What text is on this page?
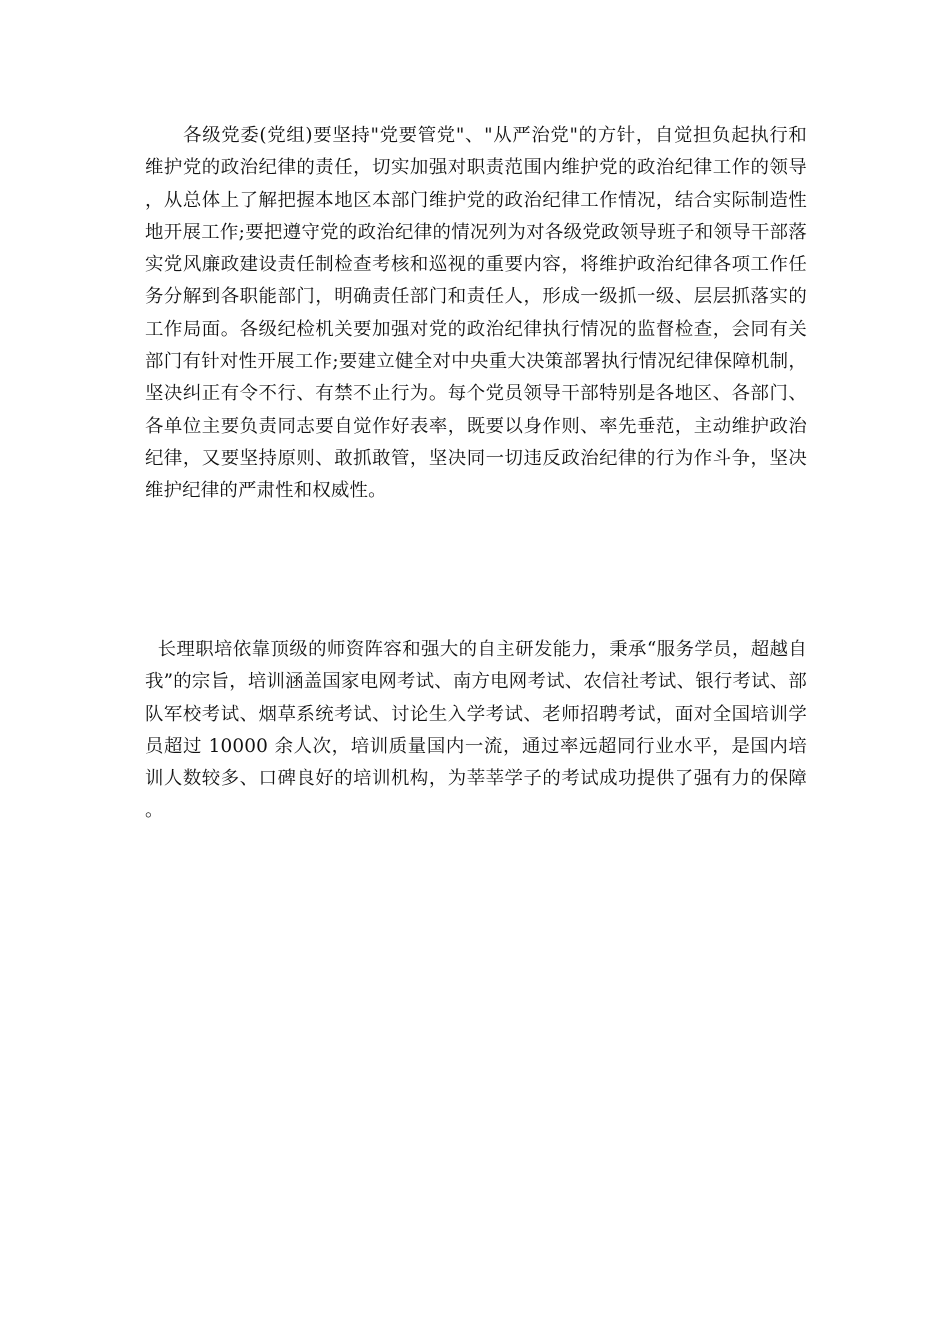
　　各级党委(党组)要坚持"党要管党"、"从严治党"的方针，自觉担负起执行和维护党的政治纪律的责任，切实加强对职责范围内维护党的政治纪律工作的领导，从总体上了解把握本地区本部门维护党的政治纪律工作情况，结合实际制造性地开展工作;要把遵守党的政治纪律的情况列为对各级党政领导班子和领导干部落实党风廉政建设责任制检查考核和巡视的重要内容，将维护政治纪律各项工作任务分解到各职能部门，明确责任部门和责任人，形成一级抓一级、层层抓落实的工作局面。各级纪检机关要加强对党的政治纪律执行情况的监督检查，会同有关部门有针对性开展工作;要建立健全对中央重大决策部署执行情况纪律保障机制，坚决纠正有令不行、有禁不止行为。每个党员领导干部特别是各地区、各部门、各单位主要负责同志要自觉作好表率，既要以身作则、率先垂范，主动维护政治纪律，又要坚持原则、敢抓敢管，坚决同一切违反政治纪律的行为作斗争，坚决维护纪律的严肃性和权威性。

长理职培依靠顶级的师资阵容和强大的自主研发能力，秉承“服务学员，超越自我”的宗旨，培训涵盖国家电网考试、南方电网考试、农信社考试、银行考试、部队军校考试、烟草系统考试、讨论生入学考试、老师招聘考试，面对全国培训学员超过 10000 余人次，培训质量国内一流，通过率远超同行业水平，是国内培训人数较多、口碑良好的培训机构，为莘莘学子的考试成功提供了强有力的保障。
